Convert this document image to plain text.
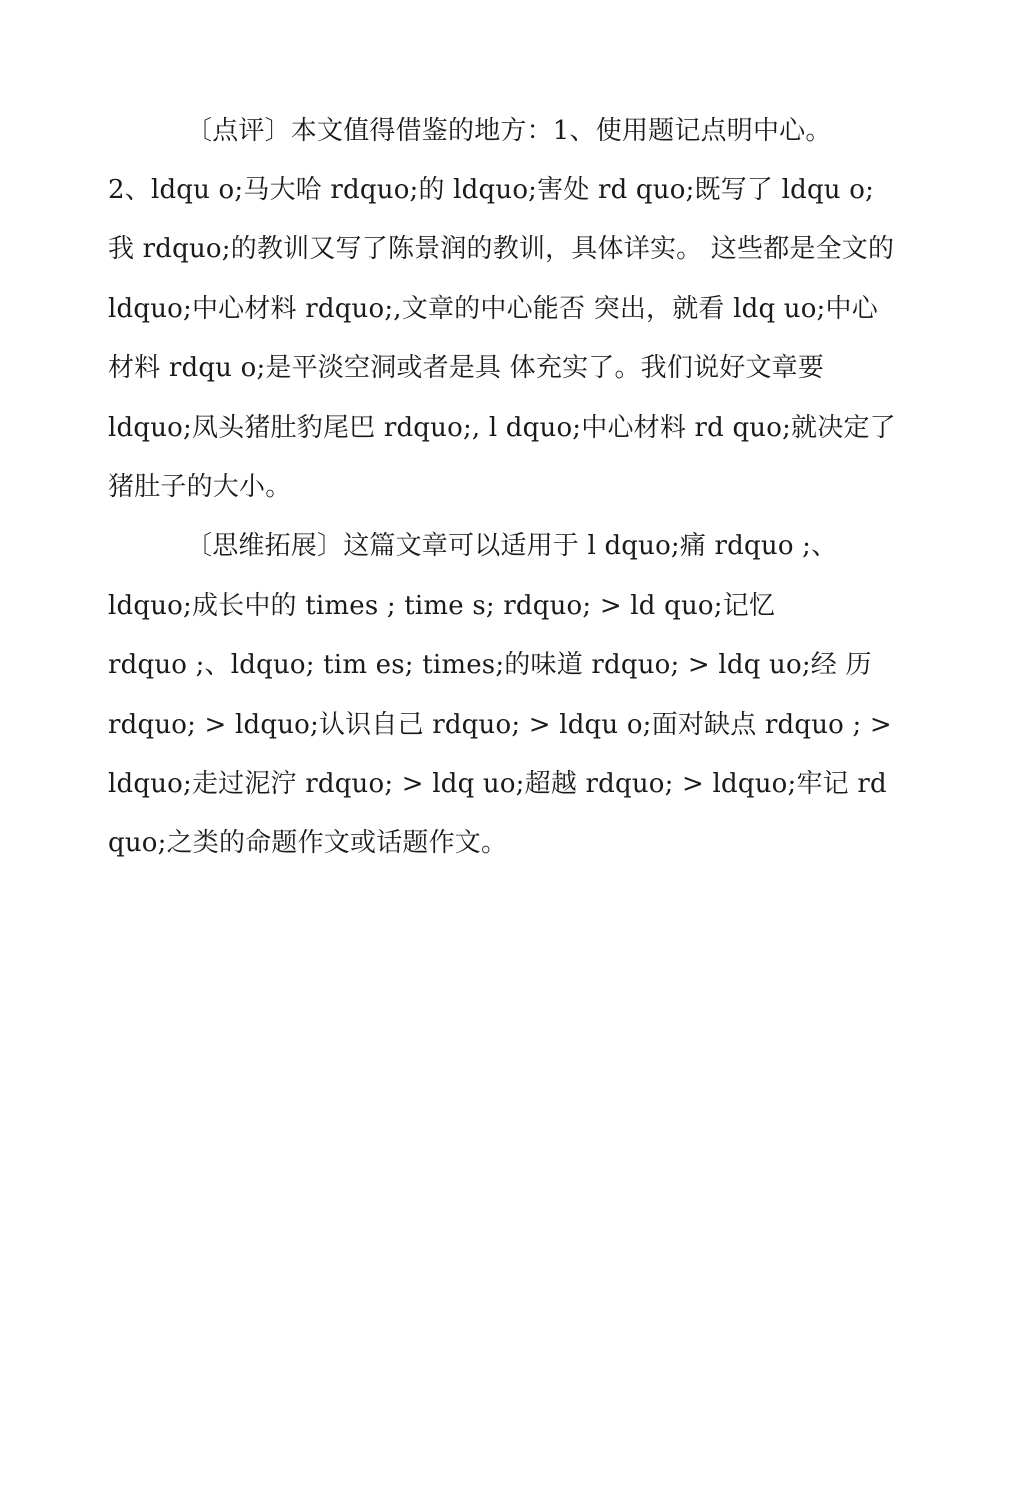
〔点评〕本文值得借鉴的地方：1、使用题记点明中心。
2、ldqu o;马大哈 rdquo;的 ldquo;害处 rd quo;既写了 ldqu o;
我 rdquo;的教训又写了陈景润的教训，具体详实。 这些都是全文的
ldquo;中心材料 rdquo;,文章的中心能否 突出，就看 ldq uo;中心
材料 rdqu o;是平淡空洞或者是具 体充实了。我们说好文章要
ldquo;凤头猪肚豹尾巴 rdquo;, l dquo;中心材料 rd quo;就决定了
猪肚子的大小。
〔思维拓展〕这篇文章可以适用于 l dquo;痛 rdquo ;、
ldquo;成长中的 times ; time s; rdquo; > ld quo;记忆
rdquo ;、ldquo; tim es; times;的味道 rdquo; > ldq uo;经 历
rdquo; > ldquo;认识自己 rdquo; > ldqu o;面对缺点 rdquo ; >
ldquo;走过泥泞 rdquo; > ldq uo;超越 rdquo; > ldquo;牢记 rd
quo;之类的命题作文或话题作文。
